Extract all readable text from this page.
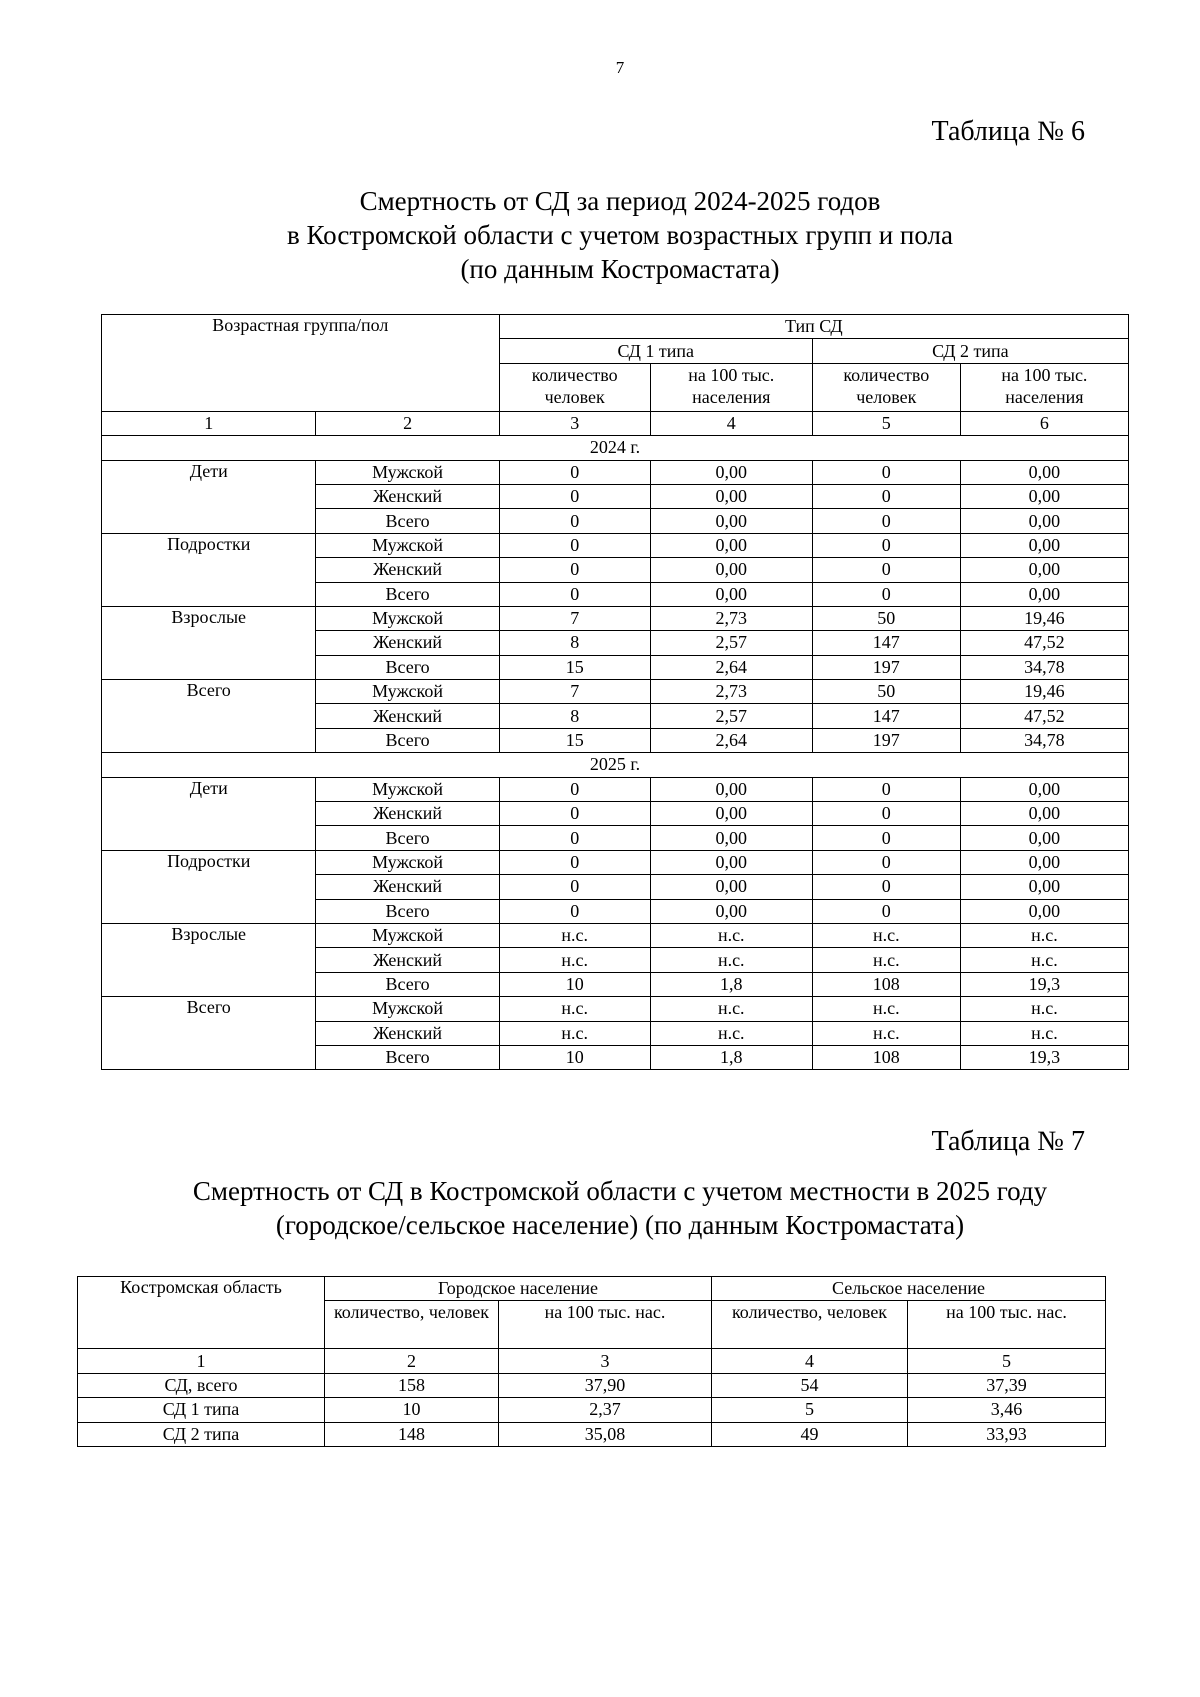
7
Таблица № 6
Смертность от СД за период 2024-2025 годов
в Костромской области с учетом возрастных групп и пола
(по данным Костромастата)
Возрастная группа/пол		Тип СД			
		СД 1 типа		СД 2 типа	
		количество человек	на 100 тыс. населения	количество человек	на 100 тыс. населения
1	2	3	4	5	6
2024 г.					
Дети	Мужской	0	0,00	0	0,00
	Женский	0	0,00	0	0,00
	Всего	0	0,00	0	0,00
Подростки	Мужской	0	0,00	0	0,00
	Женский	0	0,00	0	0,00
	Всего	0	0,00	0	0,00
Взрослые	Мужской	7	2,73	50	19,46
	Женский	8	2,57	147	47,52
	Всего	15	2,64	197	34,78
Всего	Мужской	7	2,73	50	19,46
	Женский	8	2,57	147	47,52
	Всего	15	2,64	197	34,78
2025 г.					
Дети	Мужской	0	0,00	0	0,00
	Женский	0	0,00	0	0,00
	Всего	0	0,00	0	0,00
Подростки	Мужской	0	0,00	0	0,00
	Женский	0	0,00	0	0,00
	Всего	0	0,00	0	0,00
Взрослые	Мужской	н.с.	н.с.	н.с.	н.с.
	Женский	н.с.	н.с.	н.с.	н.с.
	Всего	10	1,8	108	19,3
Всего	Мужской	н.с.	н.с.	н.с.	н.с.
	Женский	н.с.	н.с.	н.с.	н.с.
	Всего	10	1,8	108	19,3
Таблица № 7
Смертность от СД в Костромской области с учетом местности в 2025 году
(городское/сельское население) (по данным Костромастата)
Костромская область	Городское население		Сельское население	
	количество, человек	на 100 тыс. нас.	количество, человек	на 100 тыс. нас.
1	2	3	4	5
СД, всего	158	37,90	54	37,39
СД 1 типа	10	2,37	5	3,46
СД 2 типа	148	35,08	49	33,93
